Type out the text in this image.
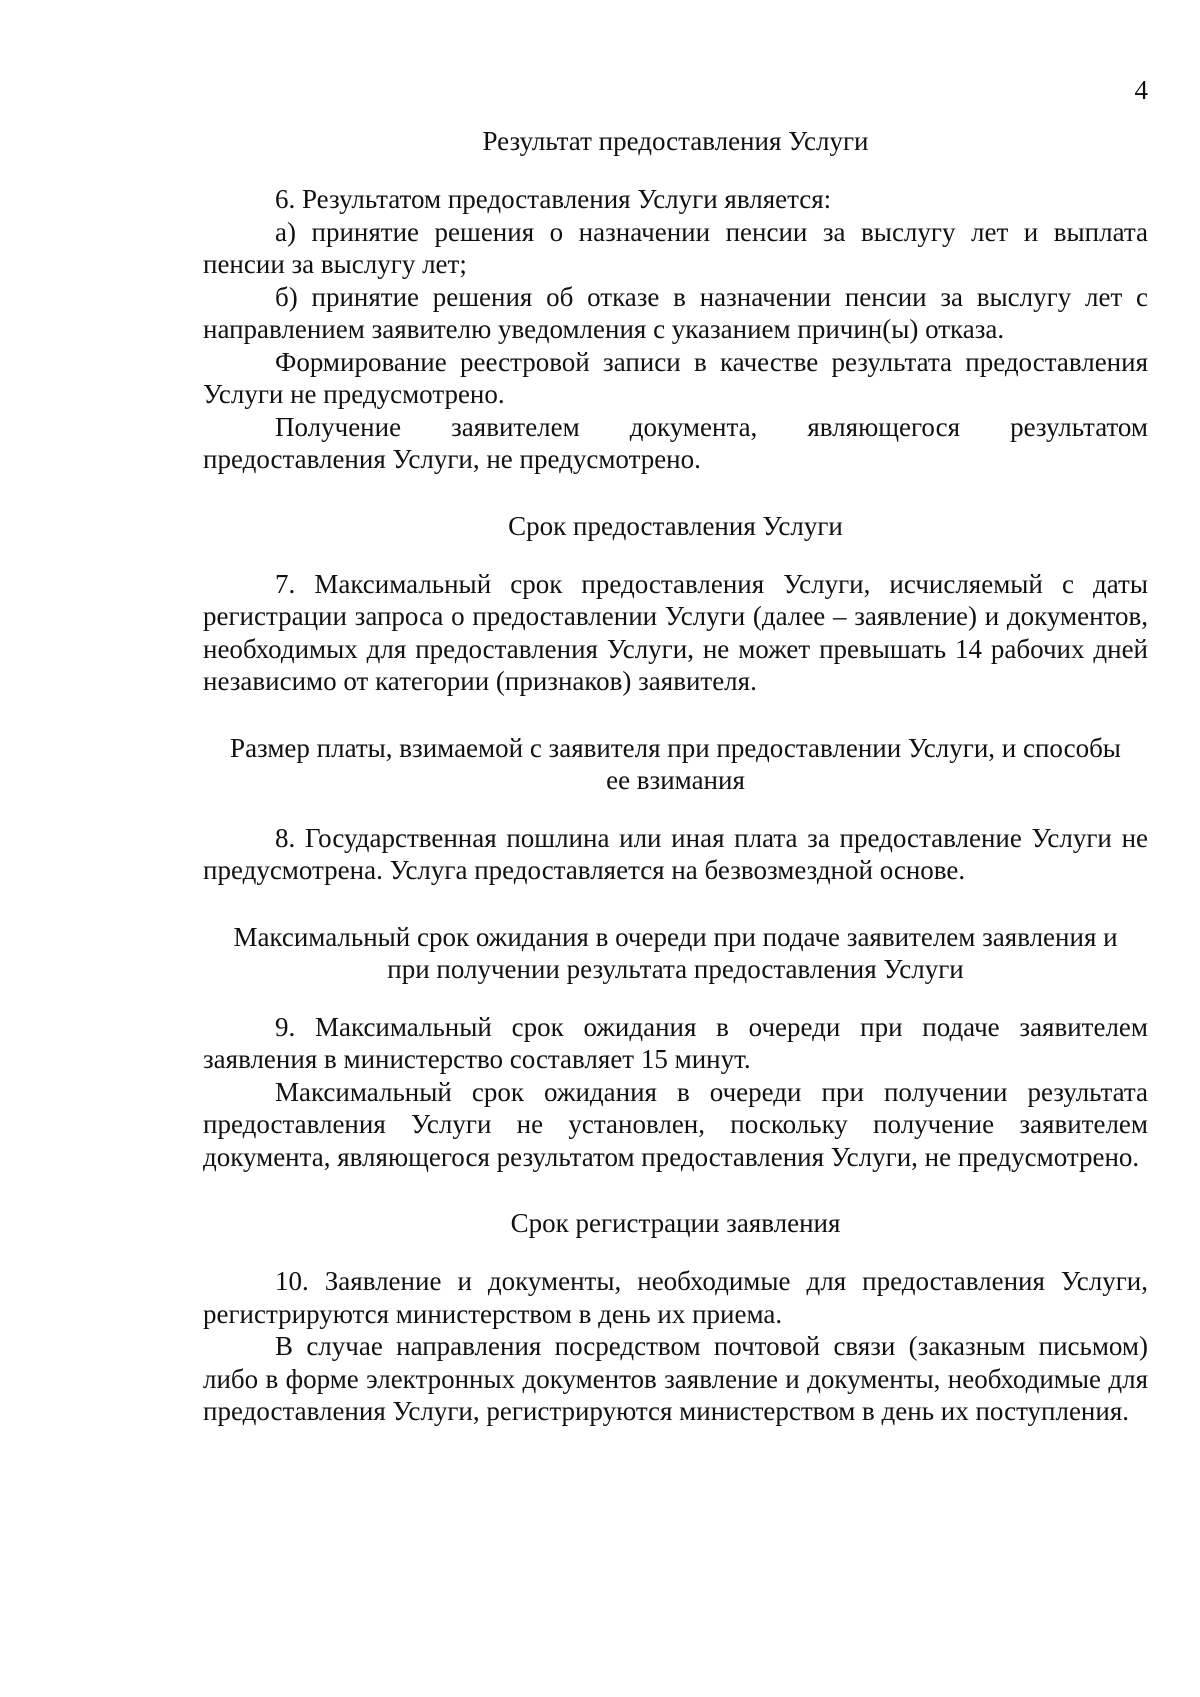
4

Результат предоставления Услуги

6. Результатом предоставления Услуги является:

а) принятие решения о назначении пенсии за выслугу лет и выплата пенсии за выслугу лет;

б) принятие решения об отказе в назначении пенсии за выслугу лет с направлением заявителю уведомления с указанием причин(ы) отказа.

Формирование реестровой записи в качестве результата предоставления Услуги не предусмотрено.

Получение заявителем документа, являющегося результатом предоставления Услуги, не предусмотрено.

Срок предоставления Услуги

7. Максимальный срок предоставления Услуги, исчисляемый с даты регистрации запроса о предоставлении Услуги (далее – заявление) и документов, необходимых для предоставления Услуги, не может превышать 14 рабочих дней независимо от категории (признаков) заявителя.

Размер платы, взимаемой с заявителя при предоставлении Услуги, и способы ее взимания

8. Государственная пошлина или иная плата за предоставление Услуги не предусмотрена. Услуга предоставляется на безвозмездной основе.

Максимальный срок ожидания в очереди при подаче заявителем заявления и при получении результата предоставления Услуги

9. Максимальный срок ожидания в очереди при подаче заявителем заявления в министерство составляет 15 минут.

Максимальный срок ожидания в очереди при получении результата предоставления Услуги не установлен, поскольку получение заявителем документа, являющегося результатом предоставления Услуги, не предусмотрено.

Срок регистрации заявления

10. Заявление и документы, необходимые для предоставления Услуги, регистрируются министерством в день их приема.

В случае направления посредством почтовой связи (заказным письмом) либо в форме электронных документов заявление и документы, необходимые для предоставления Услуги, регистрируются министерством в день их поступления.
